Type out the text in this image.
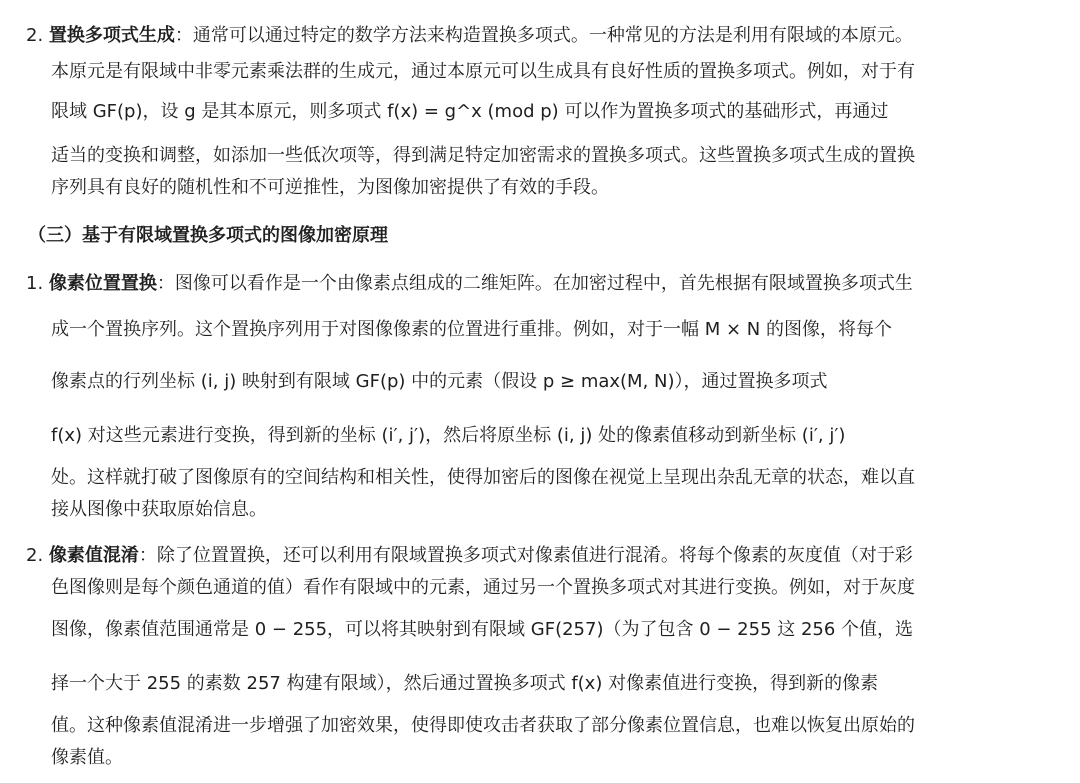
2. 置换多项式生成：通常可以通过特定的数学方法来构造置换多项式。一种常见的方法是利用有限域的本原元。
本原元是有限域中非零元素乘法群的生成元，通过本原元可以生成具有良好性质的置换多项式。例如，对于有
限域 GF(p)，设 g 是其本原元，则多项式 f(x) = g^x (mod p) 可以作为置换多项式的基础形式，再通过
适当的变换和调整，如添加一些低次项等，得到满足特定加密需求的置换多项式。这些置换多项式生成的置换
序列具有良好的随机性和不可逆推性，为图像加密提供了有效的手段。
（三）基于有限域置换多项式的图像加密原理
1. 像素位置置换：图像可以看作是一个由像素点组成的二维矩阵。在加密过程中，首先根据有限域置换多项式生
成一个置换序列。这个置换序列用于对图像像素的位置进行重排。例如，对于一幅 M × N 的图像，将每个
像素点的行列坐标 (i, j) 映射到有限域 GF(p) 中的元素（假设 p ≥ max(M, N)），通过置换多项式
f(x) 对这些元素进行变换，得到新的坐标 (i′, j′)，然后将原坐标 (i, j) 处的像素值移动到新坐标 (i′, j′)
处。这样就打破了图像原有的空间结构和相关性，使得加密后的图像在视觉上呈现出杂乱无章的状态，难以直
接从图像中获取原始信息。
2. 像素值混淆：除了位置置换，还可以利用有限域置换多项式对像素值进行混淆。将每个像素的灰度值（对于彩
色图像则是每个颜色通道的值）看作有限域中的元素，通过另一个置换多项式对其进行变换。例如，对于灰度
图像，像素值范围通常是 0 − 255，可以将其映射到有限域 GF(257)（为了包含 0 − 255 这 256 个值，选
择一个大于 255 的素数 257 构建有限域），然后通过置换多项式 f(x) 对像素值进行变换，得到新的像素
值。这种像素值混淆进一步增强了加密效果，使得即使攻击者获取了部分像素位置信息，也难以恢复出原始的
像素值。
